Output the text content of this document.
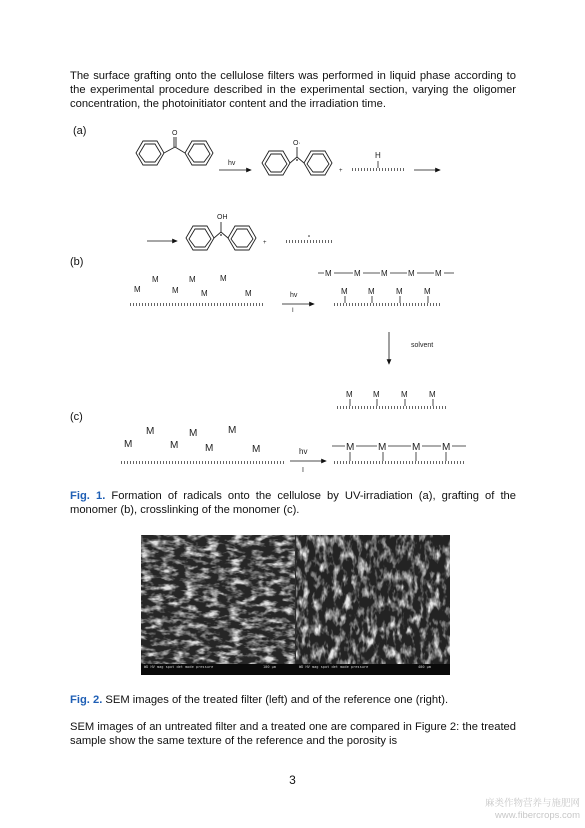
The surface grafting onto the cellulose filters was performed in liquid phase according to the experimental procedure described in the experimental section, varying the oligomer concentration, the photoinitiator content and the irradiation time.
(a)
(b)
(c)
O
hv
O·
+
H
OH
+
M	M	M
M	M	M	M	hv
I
M	M	M	M	M
M	M	M	M
solvent
M	M	M	M
M	M	M
M	M	M	M	hv
I
M M	M M
Fig. 1. Formation of radicals onto the cellulose by UV-irradiation (a), grafting of the monomer (b), crosslinking of the monomer (c).
WD HV mag spot det mode pressure	100 µm	WD HV mag spot det mode pressure	400 µm
Fig. 2. SEM images of the treated filter (left) and of the reference one (right).
SEM images of an untreated filter and a treated one are compared in Figure 2: the treated sample show the same texture of the reference and the porosity is
3
麻类作物营养与施肥网
www.fibercrops.com
